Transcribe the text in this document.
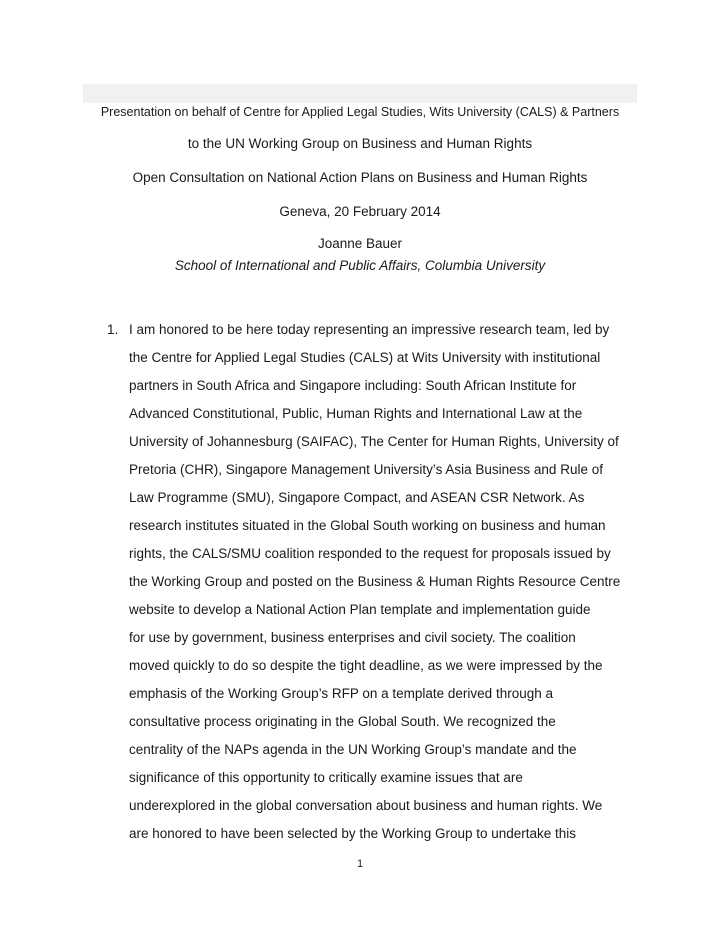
Presentation on behalf of Centre for Applied Legal Studies, Wits University (CALS) & Partners
to the UN Working Group on Business and Human Rights
Open Consultation on National Action Plans on Business and Human Rights
Geneva, 20 February 2014
Joanne Bauer
School of International and Public Affairs, Columbia University
1. I am honored to be here today representing an impressive research team, led by
the Centre for Applied Legal Studies (CALS) at Wits University with institutional
partners in South Africa and Singapore including: South African Institute for
Advanced Constitutional, Public, Human Rights and International Law at the
University of Johannesburg (SAIFAC), The Center for Human Rights, University of
Pretoria (CHR), Singapore Management University’s Asia Business and Rule of
Law Programme (SMU), Singapore Compact, and ASEAN CSR Network. As
research institutes situated in the Global South working on business and human
rights, the CALS/SMU coalition responded to the request for proposals issued by
the Working Group and posted on the Business & Human Rights Resource Centre
website to develop a National Action Plan template and implementation guide
for use by government, business enterprises and civil society. The coalition
moved quickly to do so despite the tight deadline, as we were impressed by the
emphasis of the Working Group’s RFP on a template derived through a
consultative process originating in the Global South. We recognized the
centrality of the NAPs agenda in the UN Working Group’s mandate and the
significance of this opportunity to critically examine issues that are
underexplored in the global conversation about business and human rights. We
are honored to have been selected by the Working Group to undertake this
1
